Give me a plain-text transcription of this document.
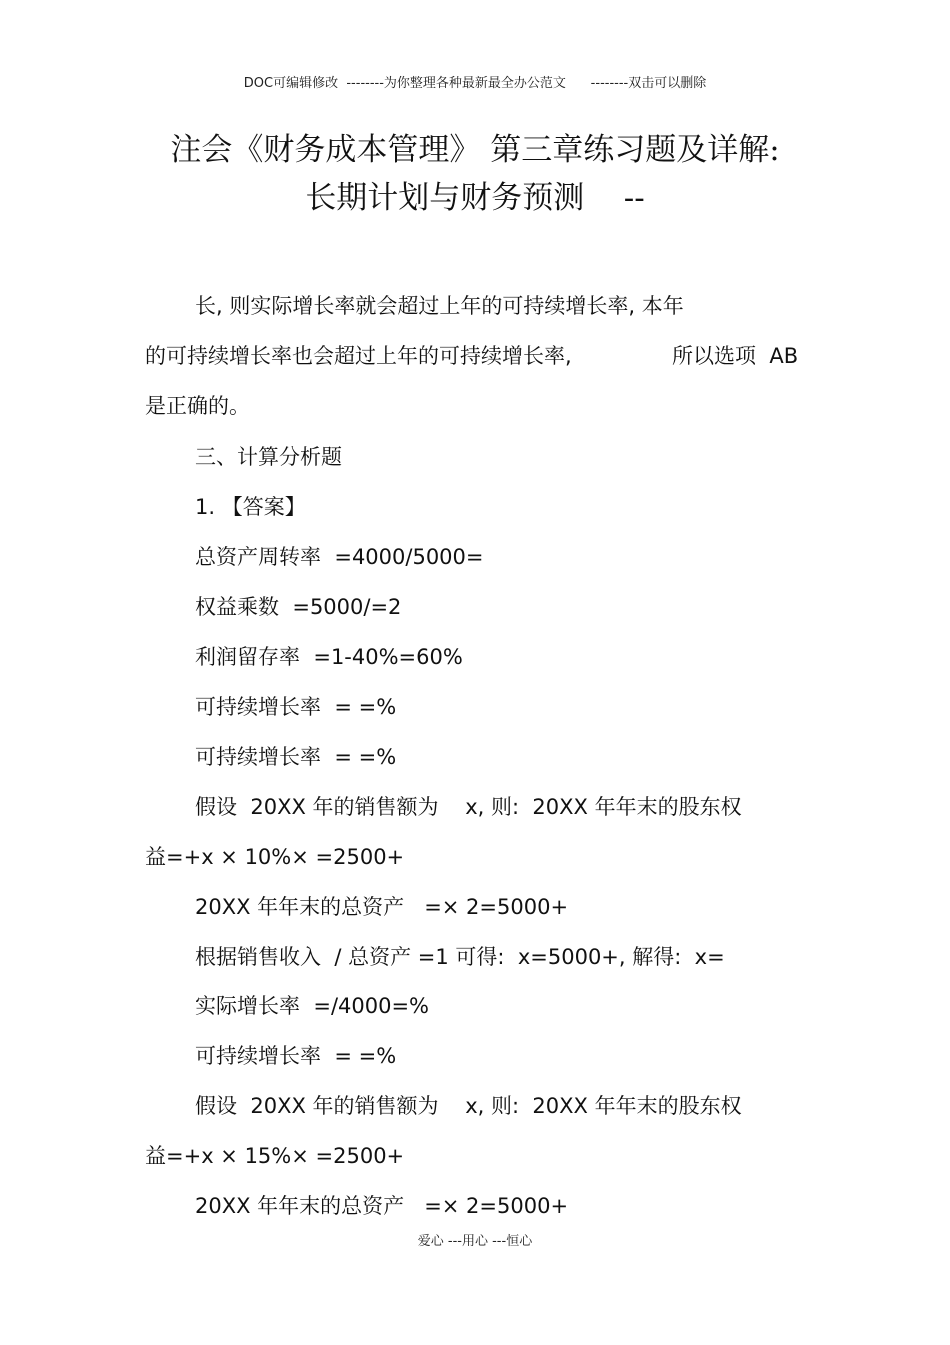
DOC可编辑修改  --------为你整理各种最新最全办公范文      --------双击可以删除
注会《财务成本管理》 第三章练习题及详解:
长期计划与财务预测    --
长, 则实际增长率就会超过上年的可持续增长率, 本年
的可持续增长率也会超过上年的可持续增长率,	所以选项  AB
是正确的。
三、计算分析题
1. 【答案】
总资产周转率  =4000/5000=
权益乘数  =5000/=2
利润留存率  =1-40%=60%
可持续增长率  = =%
可持续增长率  = =%
假设  20XX 年的销售额为    x, 则:  20XX 年年末的股东权
益=+x × 10%× =2500+
20XX 年年末的总资产   =× 2=5000+
根据销售收入  / 总资产 =1 可得:  x=5000+, 解得:  x=
实际增长率  =/4000=%
可持续增长率  = =%
假设  20XX 年的销售额为    x, 则:  20XX 年年末的股东权
益=+x × 15%× =2500+
20XX 年年末的总资产   =× 2=5000+
爱心 ---用心 ---恒心
